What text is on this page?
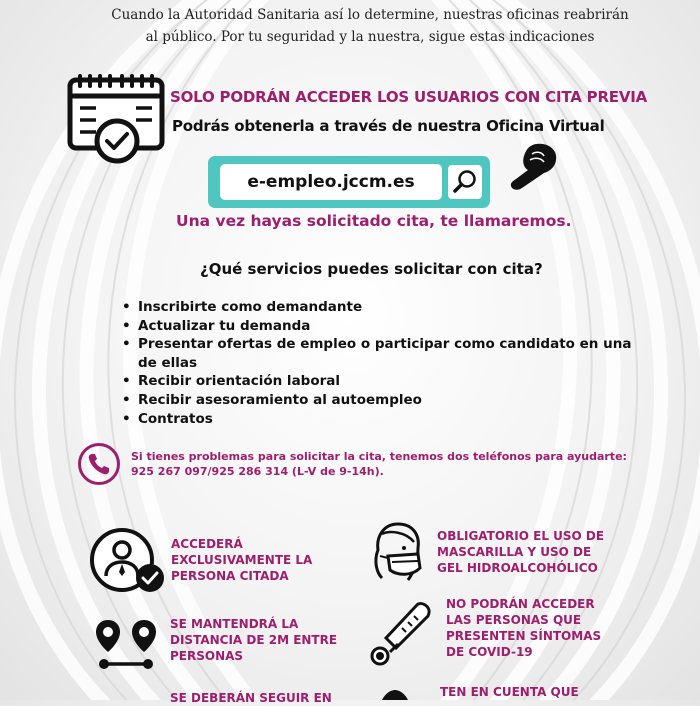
Cuando la Autoridad Sanitaria así lo determine, nuestras oficinas reabrirán
al público. Por tu seguridad y la nuestra, sigue estas indicaciones
SOLO PODRÁN ACCEDER LOS USUARIOS CON CITA PREVIA
Podrás obtenerla a través de nuestra Oficina Virtual
e-empleo.jccm.es
Una vez hayas solicitado cita, te llamaremos.
¿Qué servicios puedes solicitar con cita?
• Inscribirte como demandante
• Actualizar tu demanda
• Presentar ofertas de empleo o participar como candidato en una
de ellas
• Recibir orientación laboral
• Recibir asesoramiento al autoempleo
• Contratos
Si tienes problemas para solicitar la cita, tenemos dos teléfonos para ayudarte:
925 267 097/925 286 314 (L-V de 9-14h).
ACCEDERÁ
EXCLUSIVAMENTE LA
PERSONA CITADA
OBLIGATORIO EL USO DE
MASCARILLA Y USO DE
GEL HIDROALCOHÓLICO
SE MANTENDRÁ LA
DISTANCIA DE 2M ENTRE
PERSONAS
NO PODRÁN ACCEDER
LAS PERSONAS QUE
PRESENTEN SÍNTOMAS
DE COVID-19
SE DEBERÁN SEGUIR EN	TEN EN CUENTA QUE
